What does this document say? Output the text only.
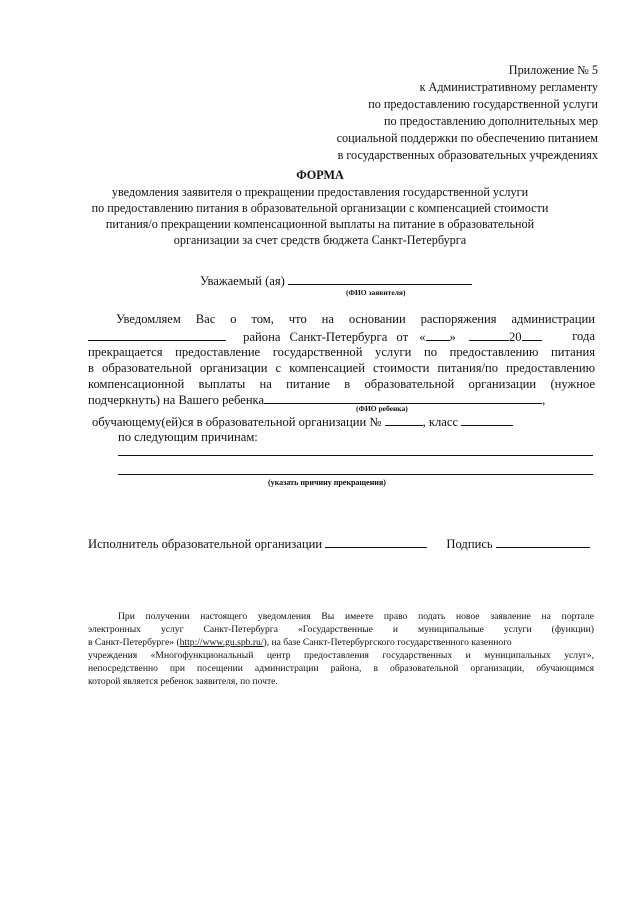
Приложение № 5
к Административному регламенту
по предоставлению государственной услуги
по предоставлению дополнительных мер
социальной поддержки по обеспечению питанием
в государственных образовательных учреждениях
ФОРМА
уведомления заявителя о прекращении предоставления государственной услуги
по предоставлению питания в образовательной организации с компенсацией стоимости
питания/о прекращении компенсационной выплаты на питание в образовательной
организации за счет средств бюджета Санкт-Петербурга
Уважаемый (ая)
(ФИО заявителя)
Уведомляем Вас о том, что на основании распоряжения администрации
района Санкт-Петербурга от « »	20	года
прекращается предоставление государственной услуги по предоставлению питания
в образовательной организации с компенсацией стоимости питания/по предоставлению
компенсационной выплаты на питание в образовательной организации (нужное
подчеркнуть) на Вашего ребенка	,
(ФИО ребенка)
обучающему(ей)ся в образовательной организации №	, класс
по следующим причинам:
(указать причину прекращения)
Исполнитель образовательной организации	Подпись
При получении настоящего уведомления Вы имеете право подать новое заявление на портале
электронных услуг Санкт-Петербурга «Государственные и муниципальные услуги (функции)
в Санкт-Петербурге» (http://www.gu.spb.ru/), на базе Санкт-Петербургского государственного казенного
учреждения «Многофункциональный центр предоставления государственных и муниципальных услуг»,
непосредственно при посещении администрации района, в образовательной организации, обучающимся
которой является ребенок заявителя, по почте.
